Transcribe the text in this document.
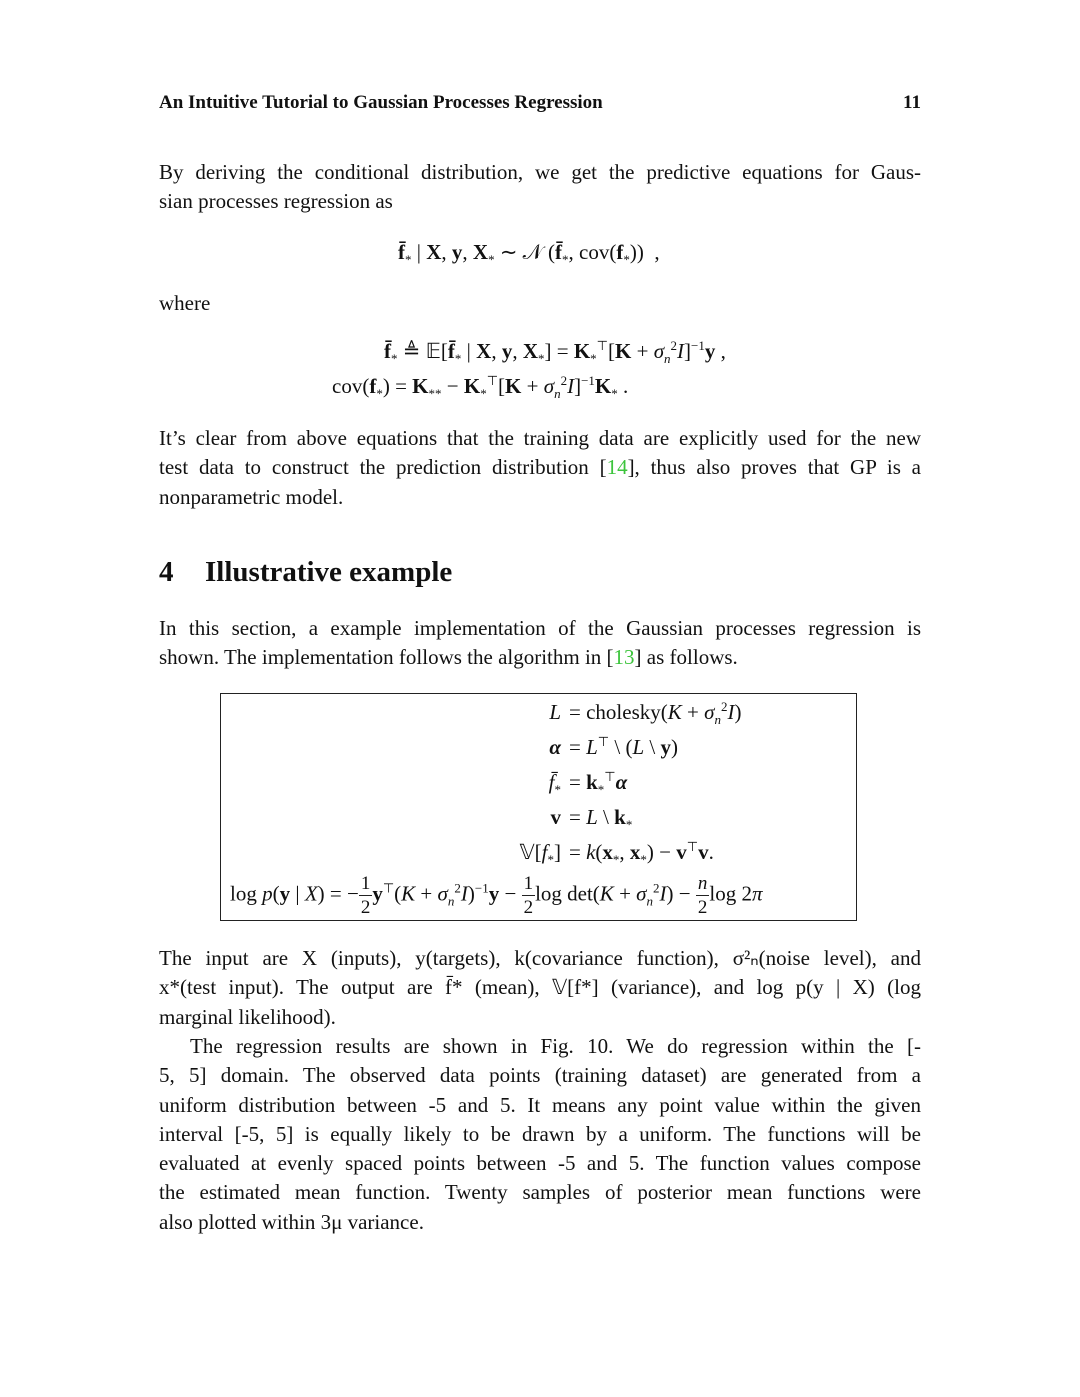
An Intuitive Tutorial to Gaussian Processes Regression	11
By deriving the conditional distribution, we get the predictive equations for Gaus-
sian processes regression as
$f̄_*$ | X, y, $X_*$ ∼ 𝒩 ($f̄_*$, $cov(f_*)$)  ,
where
$f̄_*$ ≜ $𝔼[f̄_*$ | X, y, $X_*] = K_*^⊤[K + \sigma_n^2I]^{-1}y$ ,
$cov(f_*) = K_{**} - K_*^⊤[K + \sigma_n^2I]^{-1}K_*$ .
It’s clear from above equations that the training data are explicitly used for the new
test data to construct the prediction distribution [14], thus also proves that GP is a
nonparametric model.
4 Illustrative example
In this section, a example implementation of the Gaussian processes regression is
shown. The implementation follows the algorithm in [13] as follows.
L = cholesky(K + $\sigma_n^2I$)
α = L⊤ \ (L \ y)
$f̄_* = k_*^⊤\alpha$
v = L \ $k_*$
$𝕍[f_*] = k(x_*$, $x_*) - v^⊤v$.
log p(y | X) = − $\frac{1}{2} y^⊤(K + \sigma_n^2I)^{-1}y - \frac{1}{2}$ $\log \det(K + \sigma_n^2I) - \frac{n}{2}$ log 2π
The input are X (inputs), y(targets), k(covariance function), σ²ₙ(noise level), and
x*(test input). The output are f̄* (mean), 𝕍[f*] (variance), and log p(y | X) (log
marginal likelihood).
The regression results are shown in Fig. 10. We do regression within the [-
5, 5] domain. The observed data points (training dataset) are generated from a
uniform distribution between -5 and 5. It means any point value within the given
interval [-5, 5] is equally likely to be drawn by a uniform. The functions will be
evaluated at evenly spaced points between -5 and 5. The function values compose
the estimated mean function. Twenty samples of posterior mean functions were
also plotted within 3μ variance.
